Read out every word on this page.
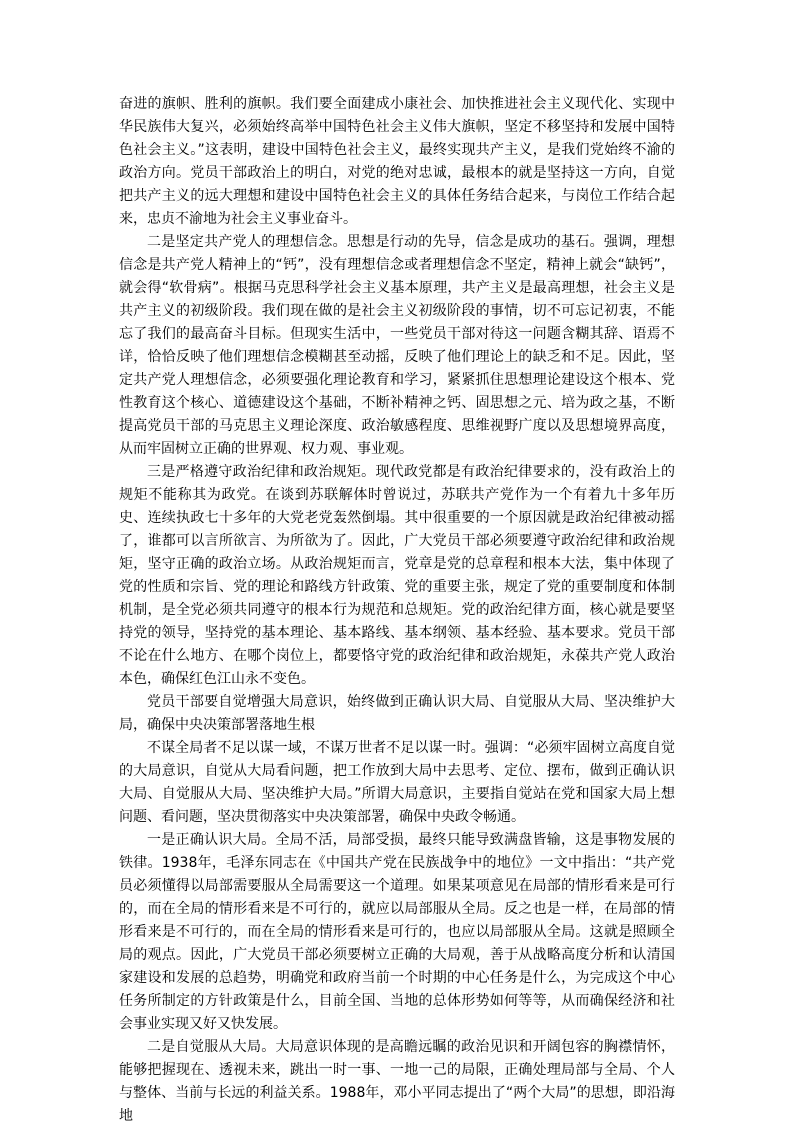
奋进的旗帜、胜利的旗帜。我们要全面建成小康社会、加快推进社会主义现代化、实现中华民族伟大复兴，必须始终高举中国特色社会主义伟大旗帜，坚定不移坚持和发展中国特色社会主义。”这表明，建设中国特色社会主义，最终实现共产主义，是我们党始终不渝的政治方向。党员干部政治上的明白，对党的绝对忠诚，最根本的就是坚持这一方向，自觉把共产主义的远大理想和建设中国特色社会主义的具体任务结合起来，与岗位工作结合起来，忠贞不渝地为社会主义事业奋斗。

二是坚定共产党人的理想信念。思想是行动的先导，信念是成功的基石。强调，理想信念是共产党人精神上的“钙”，没有理想信念或者理想信念不坚定，精神上就会“缺钙”，就会得“软骨病”。根据马克思科学社会主义基本原理，共产主义是最高理想，社会主义是共产主义的初级阶段。我们现在做的是社会主义初级阶段的事情，切不可忘记初衷，不能忘了我们的最高奋斗目标。但现实生活中，一些党员干部对待这一问题含糊其辞、语焉不详，恰恰反映了他们理想信念模糊甚至动摇，反映了他们理论上的缺乏和不足。因此，坚定共产党人理想信念，必须要强化理论教育和学习，紧紧抓住思想理论建设这个根本、党性教育这个核心、道德建设这个基础，不断补精神之钙、固思想之元、培为政之基，不断提高党员干部的马克思主义理论深度、政治敏感程度、思维视野广度以及思想境界高度，从而牢固树立正确的世界观、权力观、事业观。

三是严格遵守政治纪律和政治规矩。现代政党都是有政治纪律要求的，没有政治上的规矩不能称其为政党。在谈到苏联解体时曾说过，苏联共产党作为一个有着九十多年历史、连续执政七十多年的大党老党轰然倒塌。其中很重要的一个原因就是政治纪律被动摇了，谁都可以言所欲言、为所欲为了。因此，广大党员干部必须要遵守政治纪律和政治规矩，坚守正确的政治立场。从政治规矩而言，党章是党的总章程和根本大法，集中体现了党的性质和宗旨、党的理论和路线方针政策、党的重要主张，规定了党的重要制度和体制机制，是全党必须共同遵守的根本行为规范和总规矩。党的政治纪律方面，核心就是要坚持党的领导，坚持党的基本理论、基本路线、基本纲领、基本经验、基本要求。党员干部不论在什么地方、在哪个岗位上，都要恪守党的政治纪律和政治规矩，永葆共产党人政治本色，确保红色江山永不变色。

党员干部要自觉增强大局意识，始终做到正确认识大局、自觉服从大局、坚决维护大局，确保中央决策部署落地生根

不谋全局者不足以谋一域，不谋万世者不足以谋一时。强调：“必须牢固树立高度自觉的大局意识，自觉从大局看问题，把工作放到大局中去思考、定位、摆布，做到正确认识大局、自觉服从大局、坚决维护大局。”所谓大局意识，主要指自觉站在党和国家大局上想问题、看问题，坚决贯彻落实中央决策部署，确保中央政令畅通。

一是正确认识大局。全局不活，局部受损，最终只能导致满盘皆输，这是事物发展的铁律。1938年，毛泽东同志在《中国共产党在民族战争中的地位》一文中指出：“共产党员必须懂得以局部需要服从全局需要这一个道理。如果某项意见在局部的情形看来是可行的，而在全局的情形看来是不可行的，就应以局部服从全局。反之也是一样，在局部的情形看来是不可行的，而在全局的情形看来是可行的，也应以局部服从全局。这就是照顾全局的观点。因此，广大党员干部必须要树立正确的大局观，善于从战略高度分析和认清国家建设和发展的总趋势，明确党和政府当前一个时期的中心任务是什么，为完成这个中心任务所制定的方针政策是什么，目前全国、当地的总体形势如何等等，从而确保经济和社会事业实现又好又快发展。

二是自觉服从大局。大局意识体现的是高瞻远瞩的政治见识和开阔包容的胸襟情怀，能够把握现在、透视未来，跳出一时一事、一地一己的局限，正确处理局部与全局、个人与整体、当前与长远的利益关系。1988年，邓小平同志提出了“两个大局”的思想，即沿海地
